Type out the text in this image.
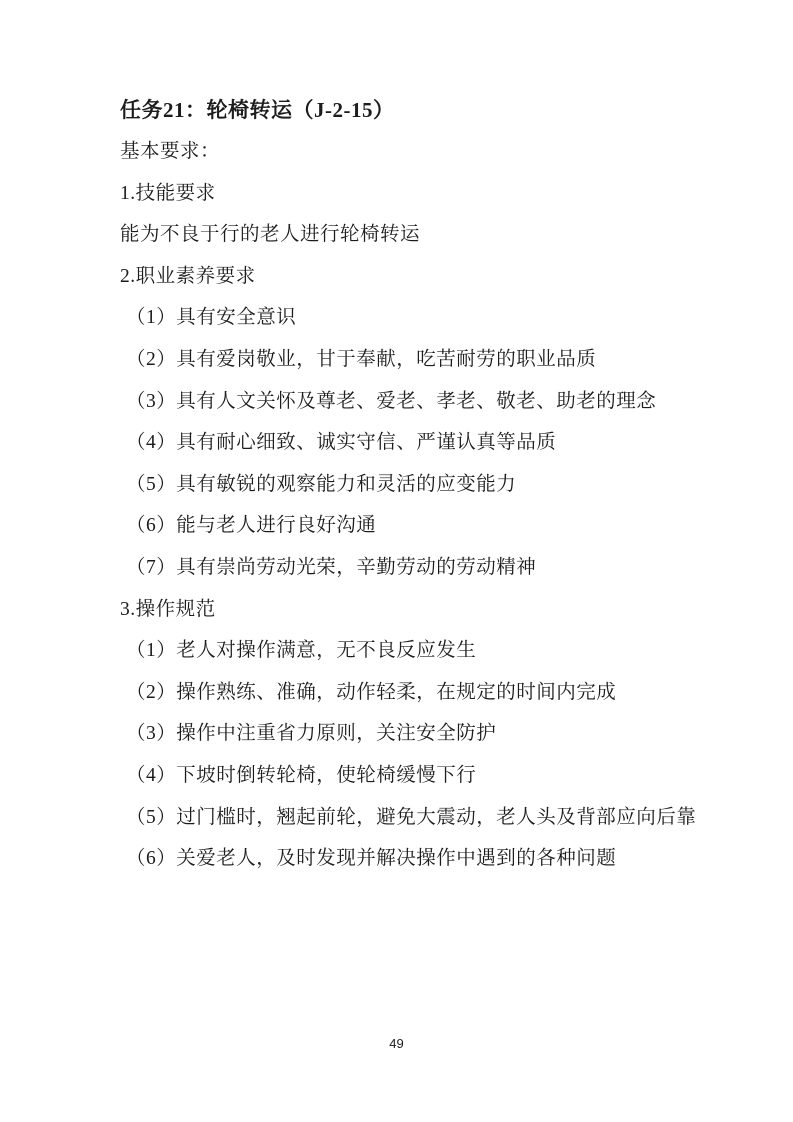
任务21：轮椅转运（J-2-15）

基本要求：

1.技能要求

能为不良于行的老人进行轮椅转运

2.职业素养要求

（1）具有安全意识

（2）具有爱岗敬业，甘于奉献，吃苦耐劳的职业品质

（3）具有人文关怀及尊老、爱老、孝老、敬老、助老的理念

（4）具有耐心细致、诚实守信、严谨认真等品质

（5）具有敏锐的观察能力和灵活的应变能力

（6）能与老人进行良好沟通

（7）具有崇尚劳动光荣，辛勤劳动的劳动精神

3.操作规范

（1）老人对操作满意，无不良反应发生

（2）操作熟练、准确，动作轻柔，在规定的时间内完成

（3）操作中注重省力原则，关注安全防护

（4）下坡时倒转轮椅，使轮椅缓慢下行

（5）过门槛时，翘起前轮，避免大震动，老人头及背部应向后靠

（6）关爱老人，及时发现并解决操作中遇到的各种问题

49
